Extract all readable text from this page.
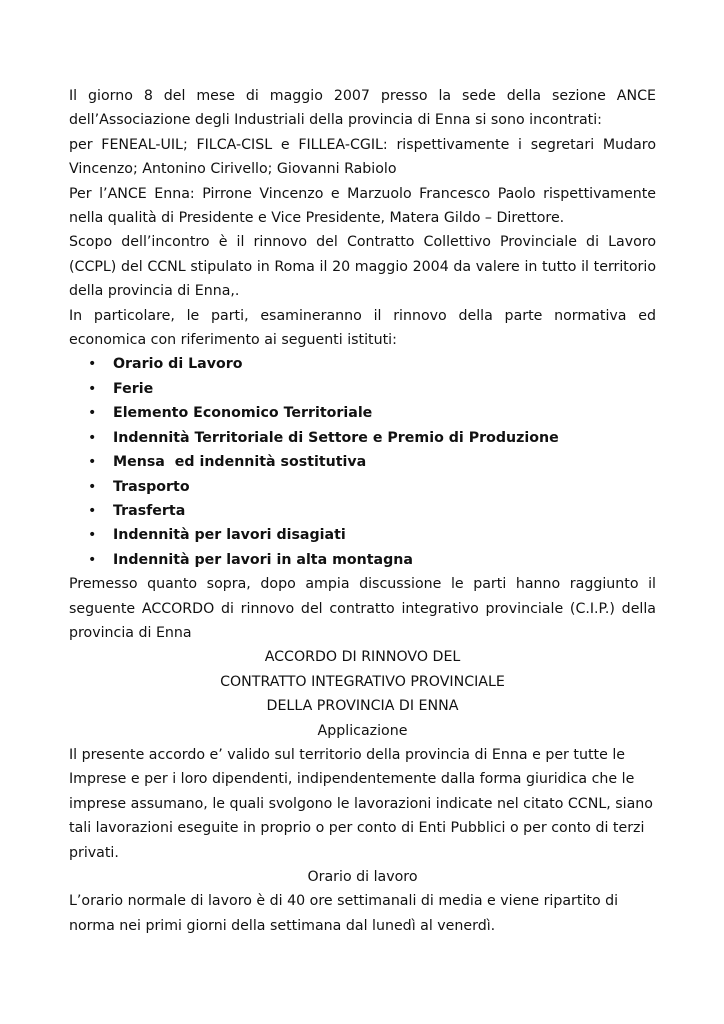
Il giorno 8 del mese di maggio 2007 presso la sede della sezione ANCE dell’Associazione degli Industriali della provincia di Enna si sono incontrati:

per FENEAL-UIL; FILCA-CISL e FILLEA-CGIL: rispettivamente i segretari Mudaro Vincenzo; Antonino Cirivello; Giovanni Rabiolo

Per l’ANCE Enna: Pirrone Vincenzo e Marzuolo Francesco Paolo rispettivamente nella qualità di Presidente e Vice Presidente, Matera Gildo – Direttore.

Scopo dell’incontro è il rinnovo del Contratto Collettivo Provinciale di Lavoro (CCPL) del CCNL stipulato in Roma il 20 maggio 2004 da valere in tutto il territorio della provincia di Enna,.

In particolare, le parti, esamineranno il rinnovo della parte normativa ed economica con riferimento ai seguenti istituti:

• Orario di Lavoro
• Ferie
• Elemento Economico Territoriale
• Indennità Territoriale di Settore e Premio di Produzione
• Mensa  ed indennità sostitutiva
• Trasporto
• Trasferta
• Indennità per lavori disagiati
• Indennità per lavori in alta montagna

Premesso quanto sopra, dopo ampia discussione le parti hanno raggiunto il seguente ACCORDO di rinnovo del contratto integrativo provinciale (C.I.P.) della provincia di Enna

ACCORDO DI RINNOVO DEL

CONTRATTO INTEGRATIVO PROVINCIALE

DELLA PROVINCIA DI ENNA

Applicazione

Il presente accordo e’ valido sul territorio della provincia di Enna e per tutte le Imprese e per i loro dipendenti, indipendentemente dalla forma giuridica che le imprese assumano, le quali svolgono le lavorazioni indicate nel citato CCNL, siano tali lavorazioni eseguite in proprio o per conto di Enti Pubblici o per conto di terzi privati.

Orario di lavoro

L’orario normale di lavoro è di 40 ore settimanali di media e viene ripartito di norma nei primi giorni della settimana dal lunedì al venerdì.
